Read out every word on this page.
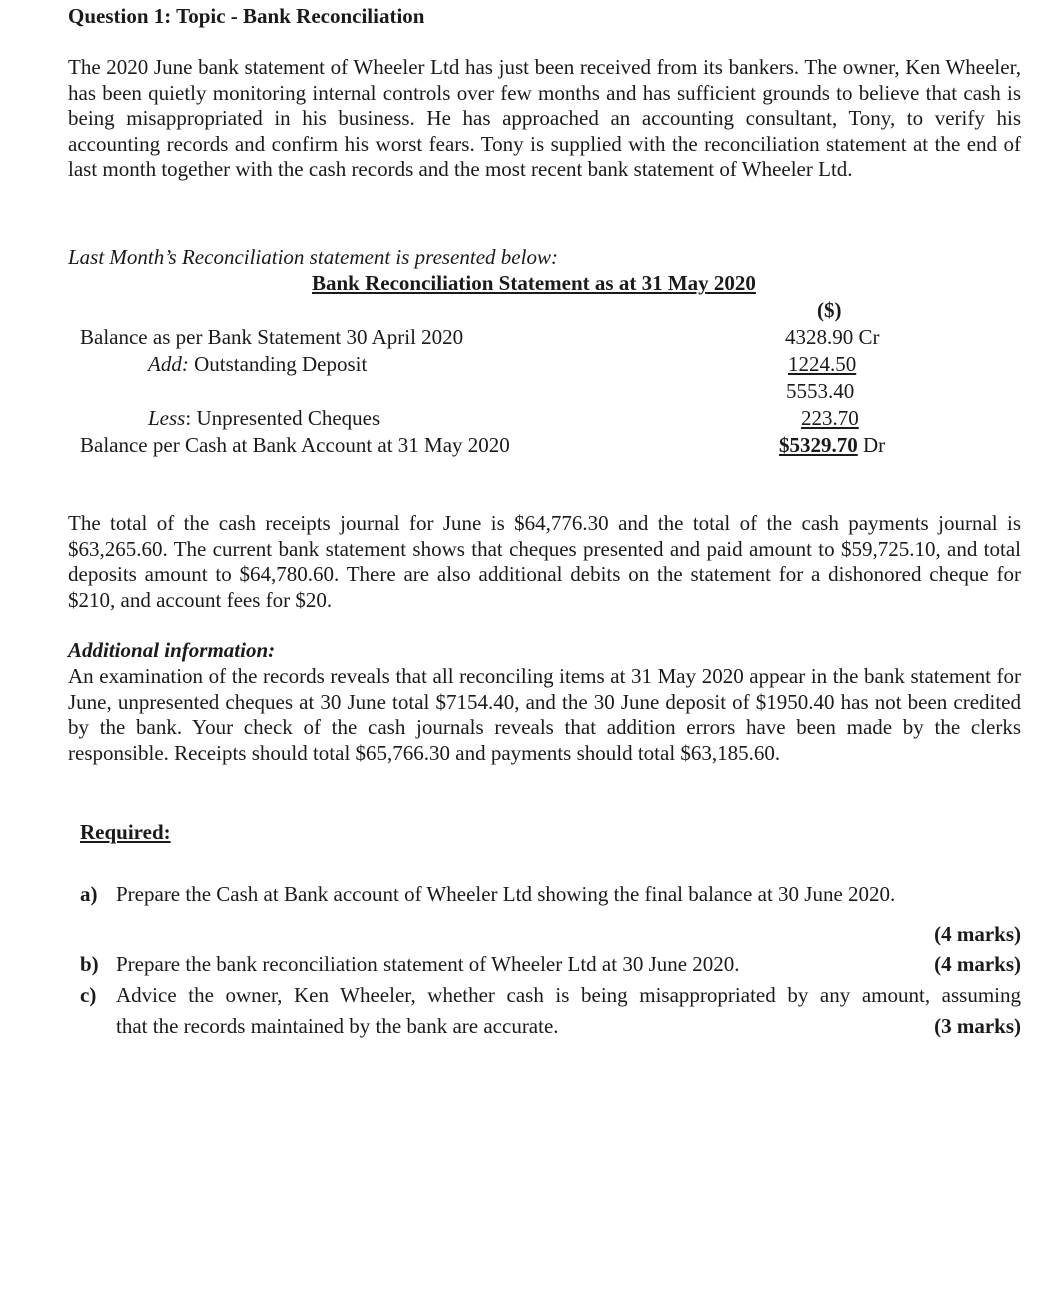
Question 1: Topic - Bank Reconciliation
The 2020 June bank statement of Wheeler Ltd has just been received from its bankers. The owner, Ken Wheeler, has been quietly monitoring internal controls over few months and has sufficient grounds to believe that cash is being misappropriated in his business. He has approached an accounting consultant, Tony, to verify his accounting records and confirm his worst fears. Tony is supplied with the reconciliation statement at the end of last month together with the cash records and the most recent bank statement of Wheeler Ltd.
Last Month’s Reconciliation statement is presented below:
Bank Reconciliation Statement as at 31 May 2020
($)
Balance as per Bank Statement 30 April 2020	4328.90 Cr
Add: Outstanding Deposit	1224.50
5553.40
Less: Unpresented Cheques	223.70
Balance per Cash at Bank Account at 31 May 2020	$5329.70 Dr
The total of the cash receipts journal for June is $64,776.30 and the total of the cash payments journal is $63,265.60. The current bank statement shows that cheques presented and paid amount to $59,725.10, and total deposits amount to $64,780.60. There are also additional debits on the statement for a dishonored cheque for $210, and account fees for $20.
Additional information:
An examination of the records reveals that all reconciling items at 31 May 2020 appear in the bank statement for June, unpresented cheques at 30 June total $7154.40, and the 30 June deposit of $1950.40 has not been credited by the bank. Your check of the cash journals reveals that addition errors have been made by the clerks responsible. Receipts should total $65,766.30 and payments should total $63,185.60.
Required:
a) Prepare the Cash at Bank account of Wheeler Ltd showing the final balance at 30 June 2020.
(4 marks)
b) Prepare the bank reconciliation statement of Wheeler Ltd at 30 June 2020.	(4 marks)
c) Advice the owner, Ken Wheeler, whether cash is being misappropriated by any amount, assuming
that the records maintained by the bank are accurate.	(3 marks)
